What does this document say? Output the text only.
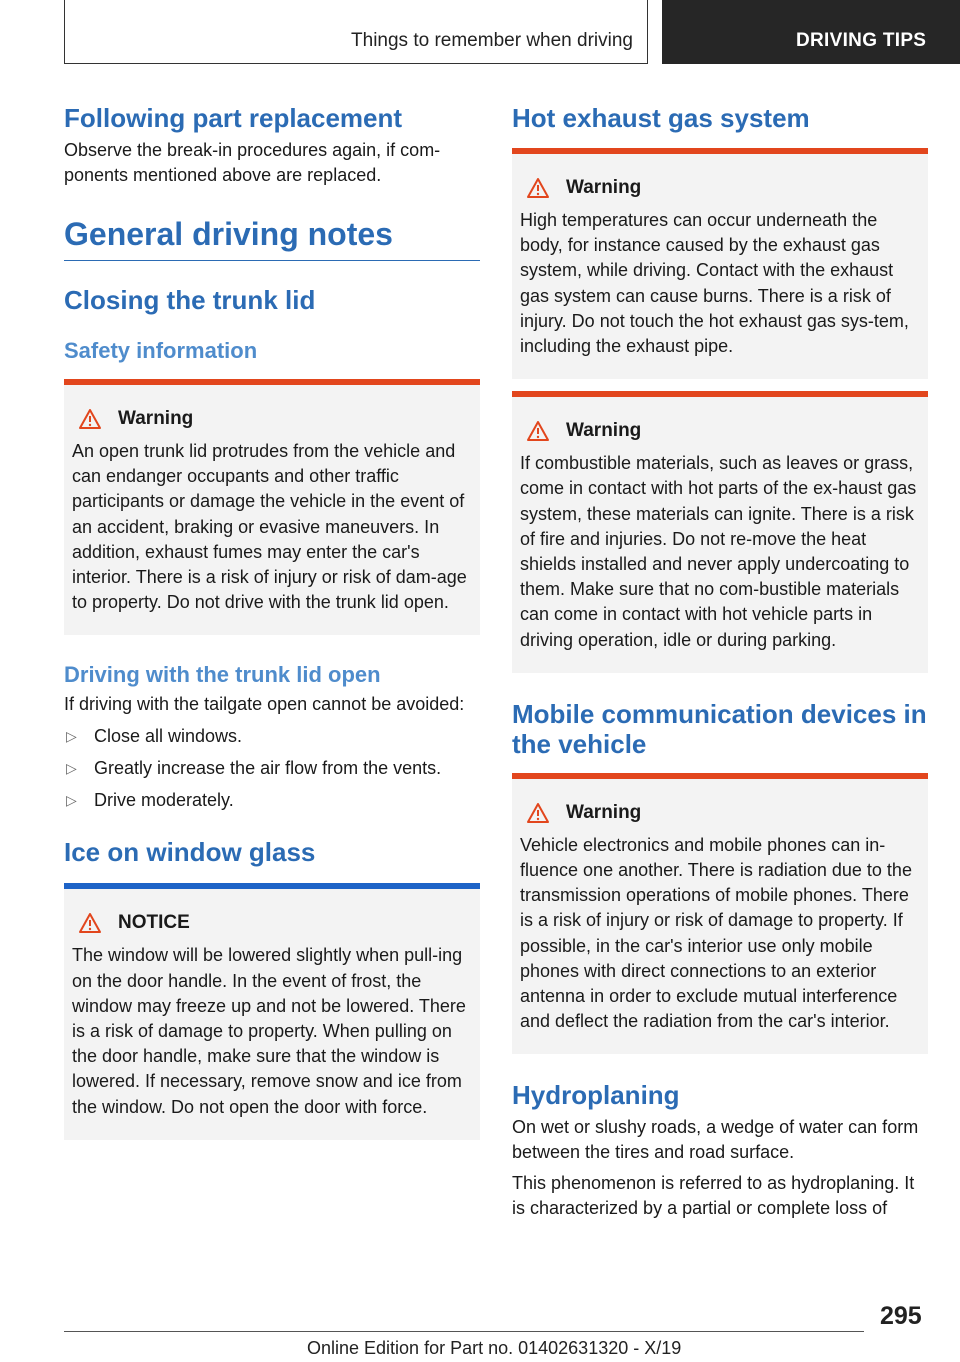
Things to remember when driving	DRIVING TIPS
Following part replacement

Observe the break-in procedures again, if com‐ponents mentioned above are replaced.

General driving notes
Closing the trunk lid
Safety information
Warning

An open trunk lid protrudes from the vehicle and can endanger occupants and other traffic participants or damage the vehicle in the event of an accident, braking or evasive maneuvers. In addition, exhaust fumes may enter the car's interior. There is a risk of injury or risk of dam‐age to property. Do not drive with the trunk lid open.

Driving with the trunk lid open

If driving with the tailgate open cannot be avoided:

▷ Close all windows.
▷ Greatly increase the air flow from the vents.
▷ Drive moderately.
Ice on window glass
NOTICE

The window will be lowered slightly when pull‐ing on the door handle. In the event of frost, the window may freeze up and not be lowered. There is a risk of damage to property. When pulling on the door handle, make sure that the window is lowered. If necessary, remove snow and ice from the window. Do not open the door with force.

Hot exhaust gas system
Warning

High temperatures can occur underneath the body, for instance caused by the exhaust gas system, while driving. Contact with the exhaust gas system can cause burns. There is a risk of injury. Do not touch the hot exhaust gas sys‐tem, including the exhaust pipe.

Warning

If combustible materials, such as leaves or grass, come in contact with hot parts of the ex‐haust gas system, these materials can ignite. There is a risk of fire and injuries. Do not re‐move the heat shields installed and never apply undercoating to them. Make sure that no com‐bustible materials can come in contact with hot vehicle parts in driving operation, idle or during parking.

Mobile communication devices in the vehicle
Warning

Vehicle electronics and mobile phones can in‐fluence one another. There is radiation due to the transmission operations of mobile phones. There is a risk of injury or risk of damage to property. If possible, in the car's interior use only mobile phones with direct connections to an exterior antenna in order to exclude mutual interference and deflect the radiation from the car's interior.

Hydroplaning

On wet or slushy roads, a wedge of water can form between the tires and road surface.

This phenomenon is referred to as hydroplaning. It is characterized by a partial or complete loss of

295
Online Edition for Part no. 01402631320 - X/19
